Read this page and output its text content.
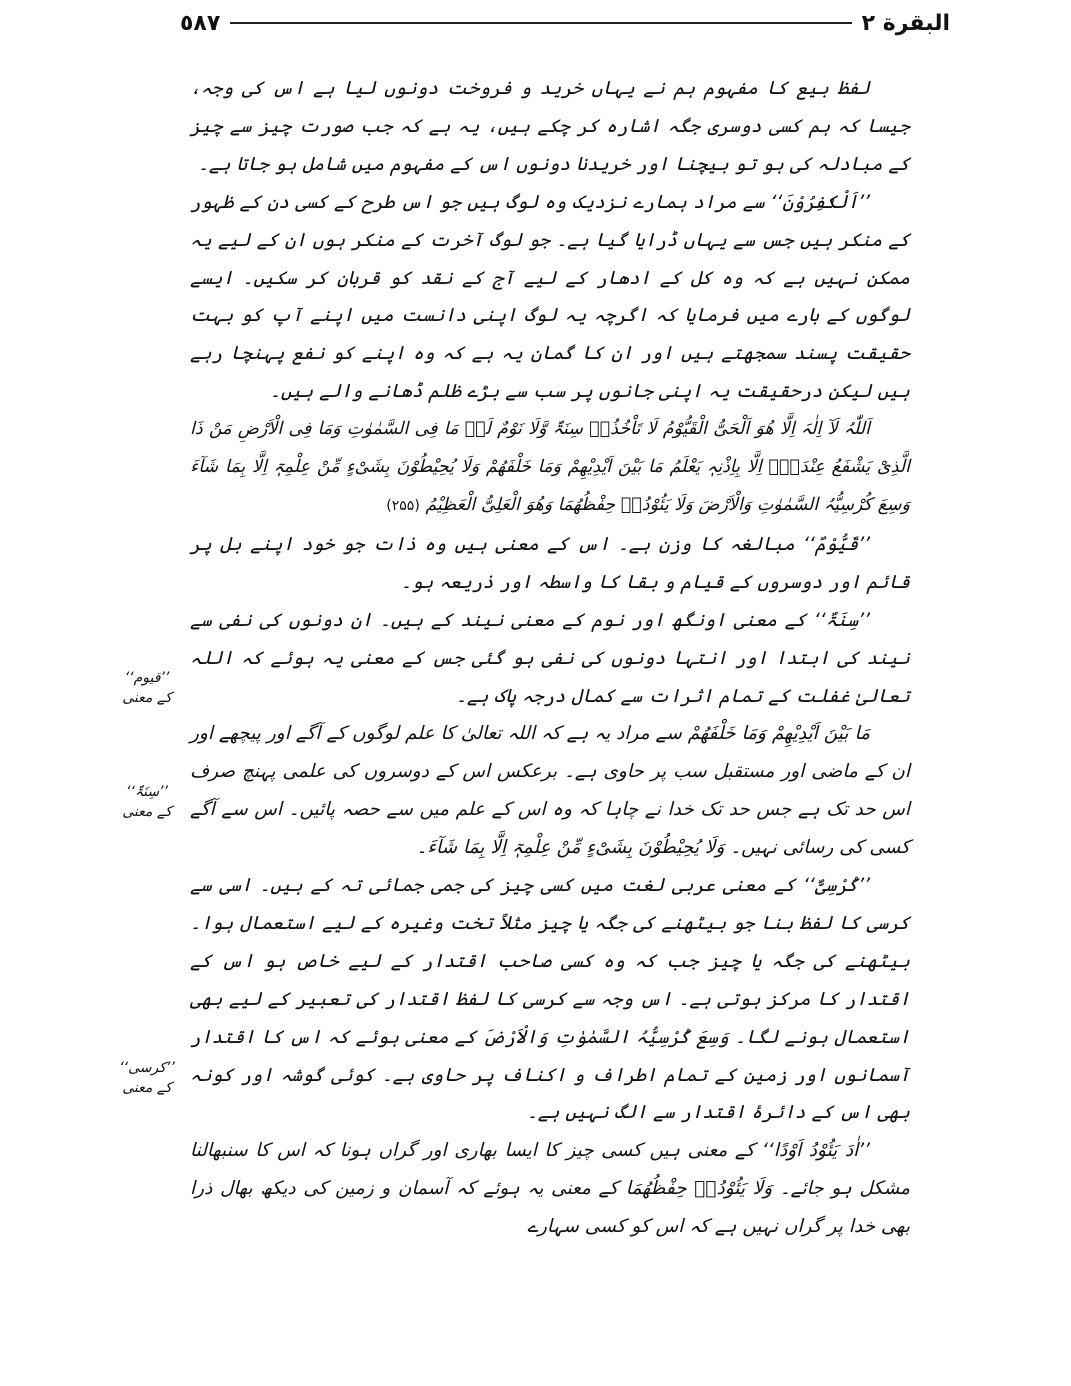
البقرة ٢
٥٨٧
’’قیوم‘‘
کے معنی
’’سِنَۃٌ‘‘
کے معنی
’’کرسی‘‘
کے معنی

لفظ بیع کا مفہوم ہم نے یہاں خرید و فروخت دونوں لیا ہے اس کی وجہ، جیسا کہ ہم کسی دوسری جگہ اشارہ کر چکے ہیں، یہ ہے کہ جب صورت چیز سے چیز کے مبادلہ کی ہو تو بیچنا اور خریدنا دونوں اس کے مفہوم میں شامل ہو جاتا ہے۔

’’اَلْکٰفِرُوْنَ‘‘ سے مراد ہمارے نزدیک وہ لوگ ہیں جو اس طرح کے کسی دن کے ظہور کے منکر ہیں جس سے یہاں ڈرایا گیا ہے۔ جو لوگ آخرت کے منکر ہوں ان کے لیے یہ ممکن نہیں ہے کہ وہ کل کے ادھار کے لیے آج کے نقد کو قربان کر سکیں۔ ایسے لوگوں کے بارے میں فرمایا کہ اگرچہ یہ لوگ اپنی دانست میں اپنے آپ کو بہت حقیقت پسند سمجھتے ہیں اور ان کا گمان یہ ہے کہ وہ اپنے کو نفع پہنچا رہے ہیں لیکن درحقیقت یہ اپنی جانوں پر سب سے بڑے ظلم ڈھانے والے ہیں۔

اَللّٰہُ لَآ اِلٰہَ اِلَّا ھُوَ اَلْحَیُّ الْقَیُّوْمُ لَا تَاْخُذُہٗ سِنَۃٌ وَّلَا نَوْمٌ لَہٗ مَا فِی السَّمٰوٰتِ وَمَا فِی الْاَرْضِ مَنْ ذَا الَّذِیْ یَشْفَعُ عِنْدَہٗٓ اِلَّا بِاِذْنِہٖ یَعْلَمُ مَا بَیْنَ اَیْدِیْھِمْ وَمَا خَلْفَھُمْ وَلَا یُحِیْطُوْنَ بِشَیْءٍ مِّنْ عِلْمِہٖٓ اِلَّا بِمَا شَآءَ وَسِعَ کُرْسِیُّہُ السَّمٰوٰتِ وَالْاَرْضَ وَلَا یَئُوْدُہٗ حِفْظُھُمَا وَھُوَ الْعَلِیُّ الْعَظِیْمُ (۲۵۵)

’’قَیُّوْمٌ‘‘ مبالغہ کا وزن ہے۔ اس کے معنی ہیں وہ ذات جو خود اپنے بل پر قائم اور دوسروں کے قیام و بقا کا واسطہ اور ذریعہ ہو۔

’’سِنَۃٌ‘‘ کے معنی اونگھ اور نوم کے معنی نیند کے ہیں۔ ان دونوں کی نفی سے نیند کی ابتدا اور انتہا دونوں کی نفی ہو گئی جس کے معنی یہ ہوئے کہ اللہ تعالیٰ غفلت کے تمام اثرات سے کمال درجہ پاک ہے۔

مَا بَیْنَ اَیْدِیْھِمْ وَمَا خَلْفَھُمْ سے مراد یہ ہے کہ اللہ تعالیٰ کا علم لوگوں کے آگے اور پیچھے اور ان کے ماضی اور مستقبل سب پر حاوی ہے۔ برعکس اس کے دوسروں کی علمی پہنچ صرف اس حد تک ہے جس حد تک خدا نے چاہا کہ وہ اس کے علم میں سے حصہ پائیں۔ اس سے آگے کسی کی رسائی نہیں۔ وَلَا یُحِیْطُوْنَ بِشَیْءٍ مِّنْ عِلْمِہٖٓ اِلَّا بِمَا شَآءَ۔

’’کُرْسِیٌّ‘‘ کے معنی عربی لغت میں کسی چیز کی جمی جمائی تہ کے ہیں۔ اسی سے کرسی کا لفظ بنا جو بیٹھنے کی جگہ یا چیز مثلاً تخت وغیرہ کے لیے استعمال ہوا۔ بیٹھنے کی جگہ یا چیز جب کہ وہ کسی صاحب اقتدار کے لیے خاص ہو اس کے اقتدار کا مرکز ہوتی ہے۔ اس وجہ سے کرسی کا لفظ اقتدار کی تعبیر کے لیے بھی استعمال ہونے لگا۔ وَسِعَ کُرْسِیُّہُ السَّمٰوٰتِ وَالْاَرْضَ کے معنی ہوئے کہ اس کا اقتدار آسمانوں اور زمین کے تمام اطراف و اکناف پر حاوی ہے۔ کوئی گوشہ اور کونہ بھی اس کے دائرۂ اقتدار سے الگ نہیں ہے۔

’’اٰدَ یَئُوْدُ اَوْدًا‘‘ کے معنی ہیں کسی چیز کا ایسا بھاری اور گراں ہونا کہ اس کا سنبھالنا مشکل ہو جائے۔ وَلَا یَئُوْدُہٗ حِفْظُھُمَا کے معنی یہ ہوئے کہ آسمان و زمین کی دیکھ بھال ذرا بھی خدا پر گراں نہیں ہے کہ اس کو کسی سہارے
